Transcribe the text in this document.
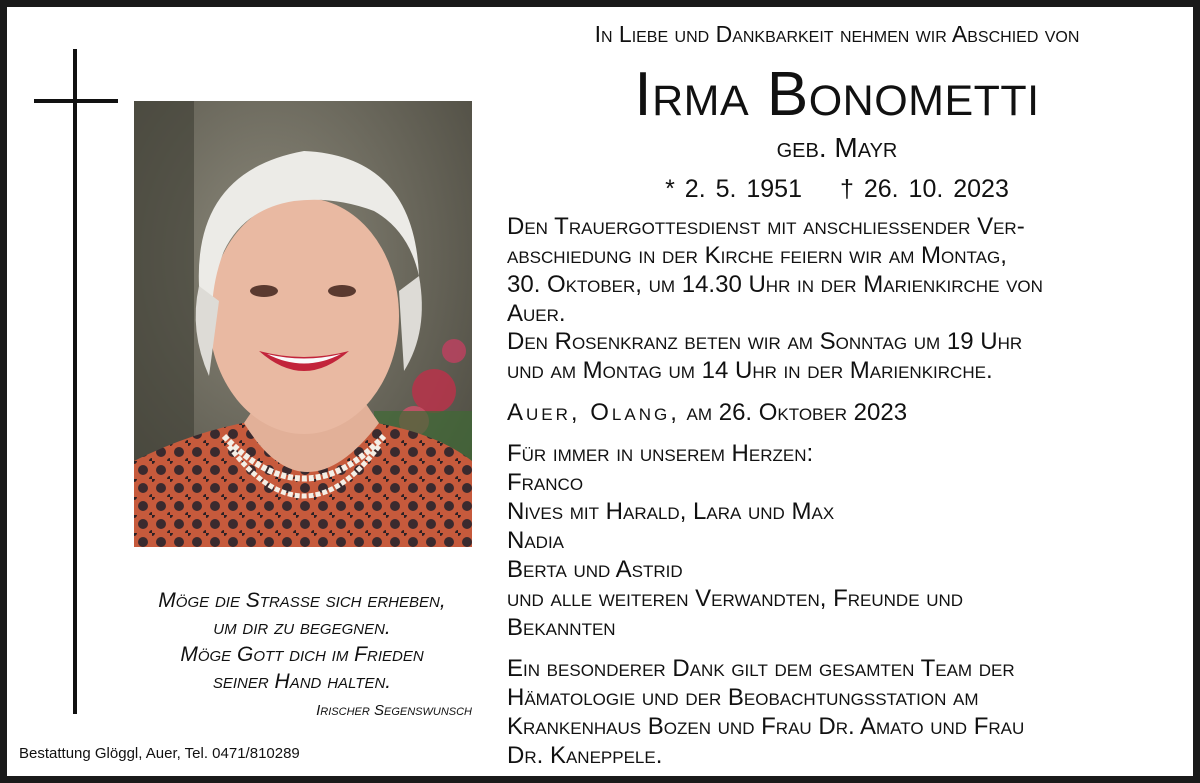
Möge die Strasse sich erheben,
um dir zu begegnen.
Möge Gott dich im Frieden
seiner Hand halten.
Irischer Segenswunsch
Bestattung Glöggl, Auer, Tel. 0471/810289
In Liebe und Dankbarkeit nehmen wir Abschied von
Irma Bonometti
geb. Mayr
* 2. 5. 1951 † 26. 10. 2023
Den Trauergottesdienst mit anschliessender Ver-
abschiedung in der Kirche feiern wir am Montag,
30. Oktober, um 14.30 Uhr in der Marienkirche von
Auer.
Den Rosenkranz beten wir am Sonntag um 19 Uhr
und am Montag um 14 Uhr in der Marienkirche.
Auer, Olang, am 26. Oktober 2023
Für immer in unserem Herzen:
Franco
Nives mit Harald, Lara und Max
Nadia
Berta und Astrid
und alle weiteren Verwandten, Freunde und
Bekannten
Ein besonderer Dank gilt dem gesamten Team der
Hämatologie und der Beobachtungsstation am
Krankenhaus Bozen und Frau Dr. Amato und Frau
Dr. Kaneppele.
